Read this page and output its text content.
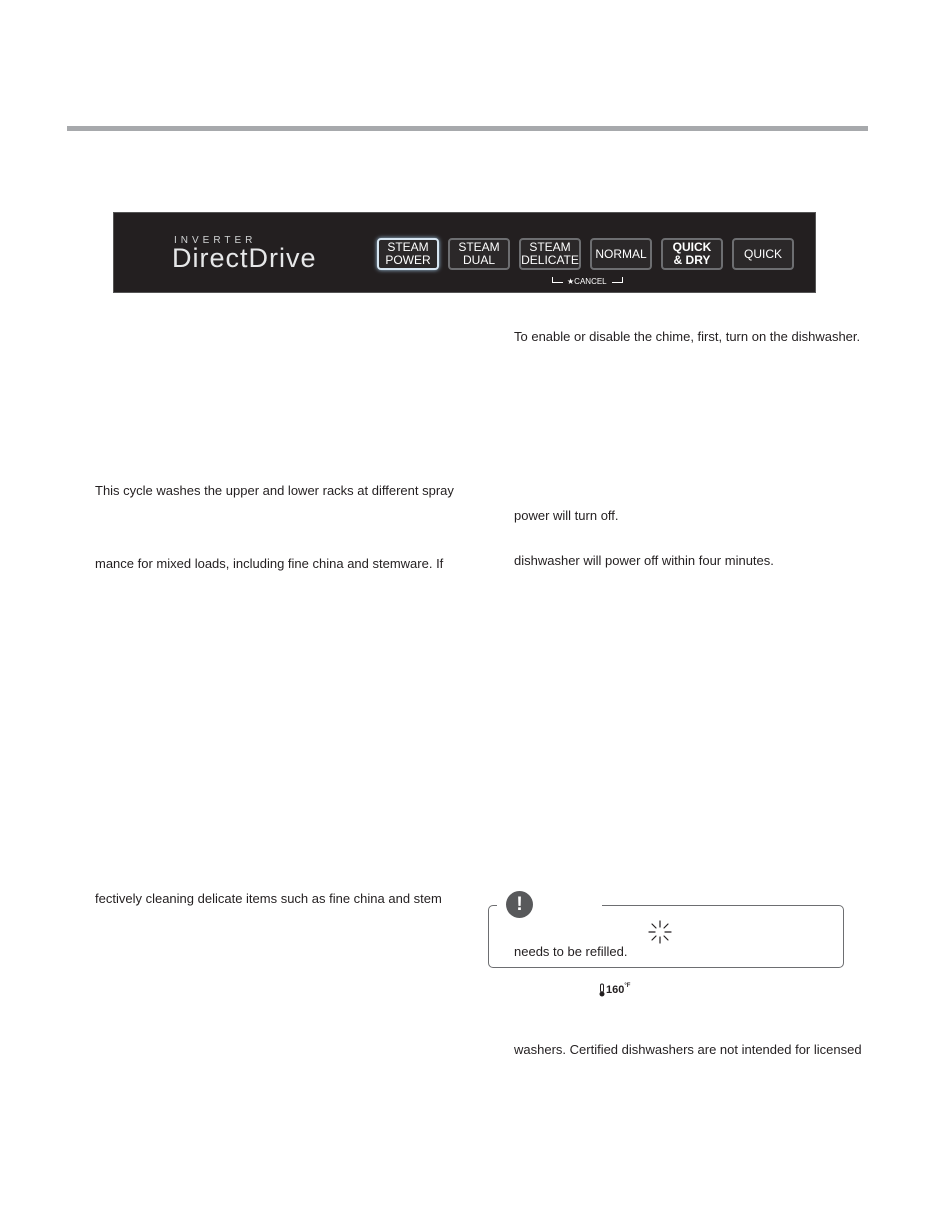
INVERTER
DirectDrive	STEAM
POWER
STEAM
DUAL
STEAM
DELICATE NORMAL QUICK
& DRY	QUICK
★CANCEL
This cycle washes the upper and lower racks at different spray
mance for mixed loads, including fine china and stemware. If
fectively cleaning delicate items such as fine china and stem
To enable or disable the chime, first, turn on the dishwasher.
power will turn off.
dishwasher will power off within four minutes.
!
needs to be refilled.
$160^{^\circ F}$
washers. Certified dishwashers are not intended for licensed
